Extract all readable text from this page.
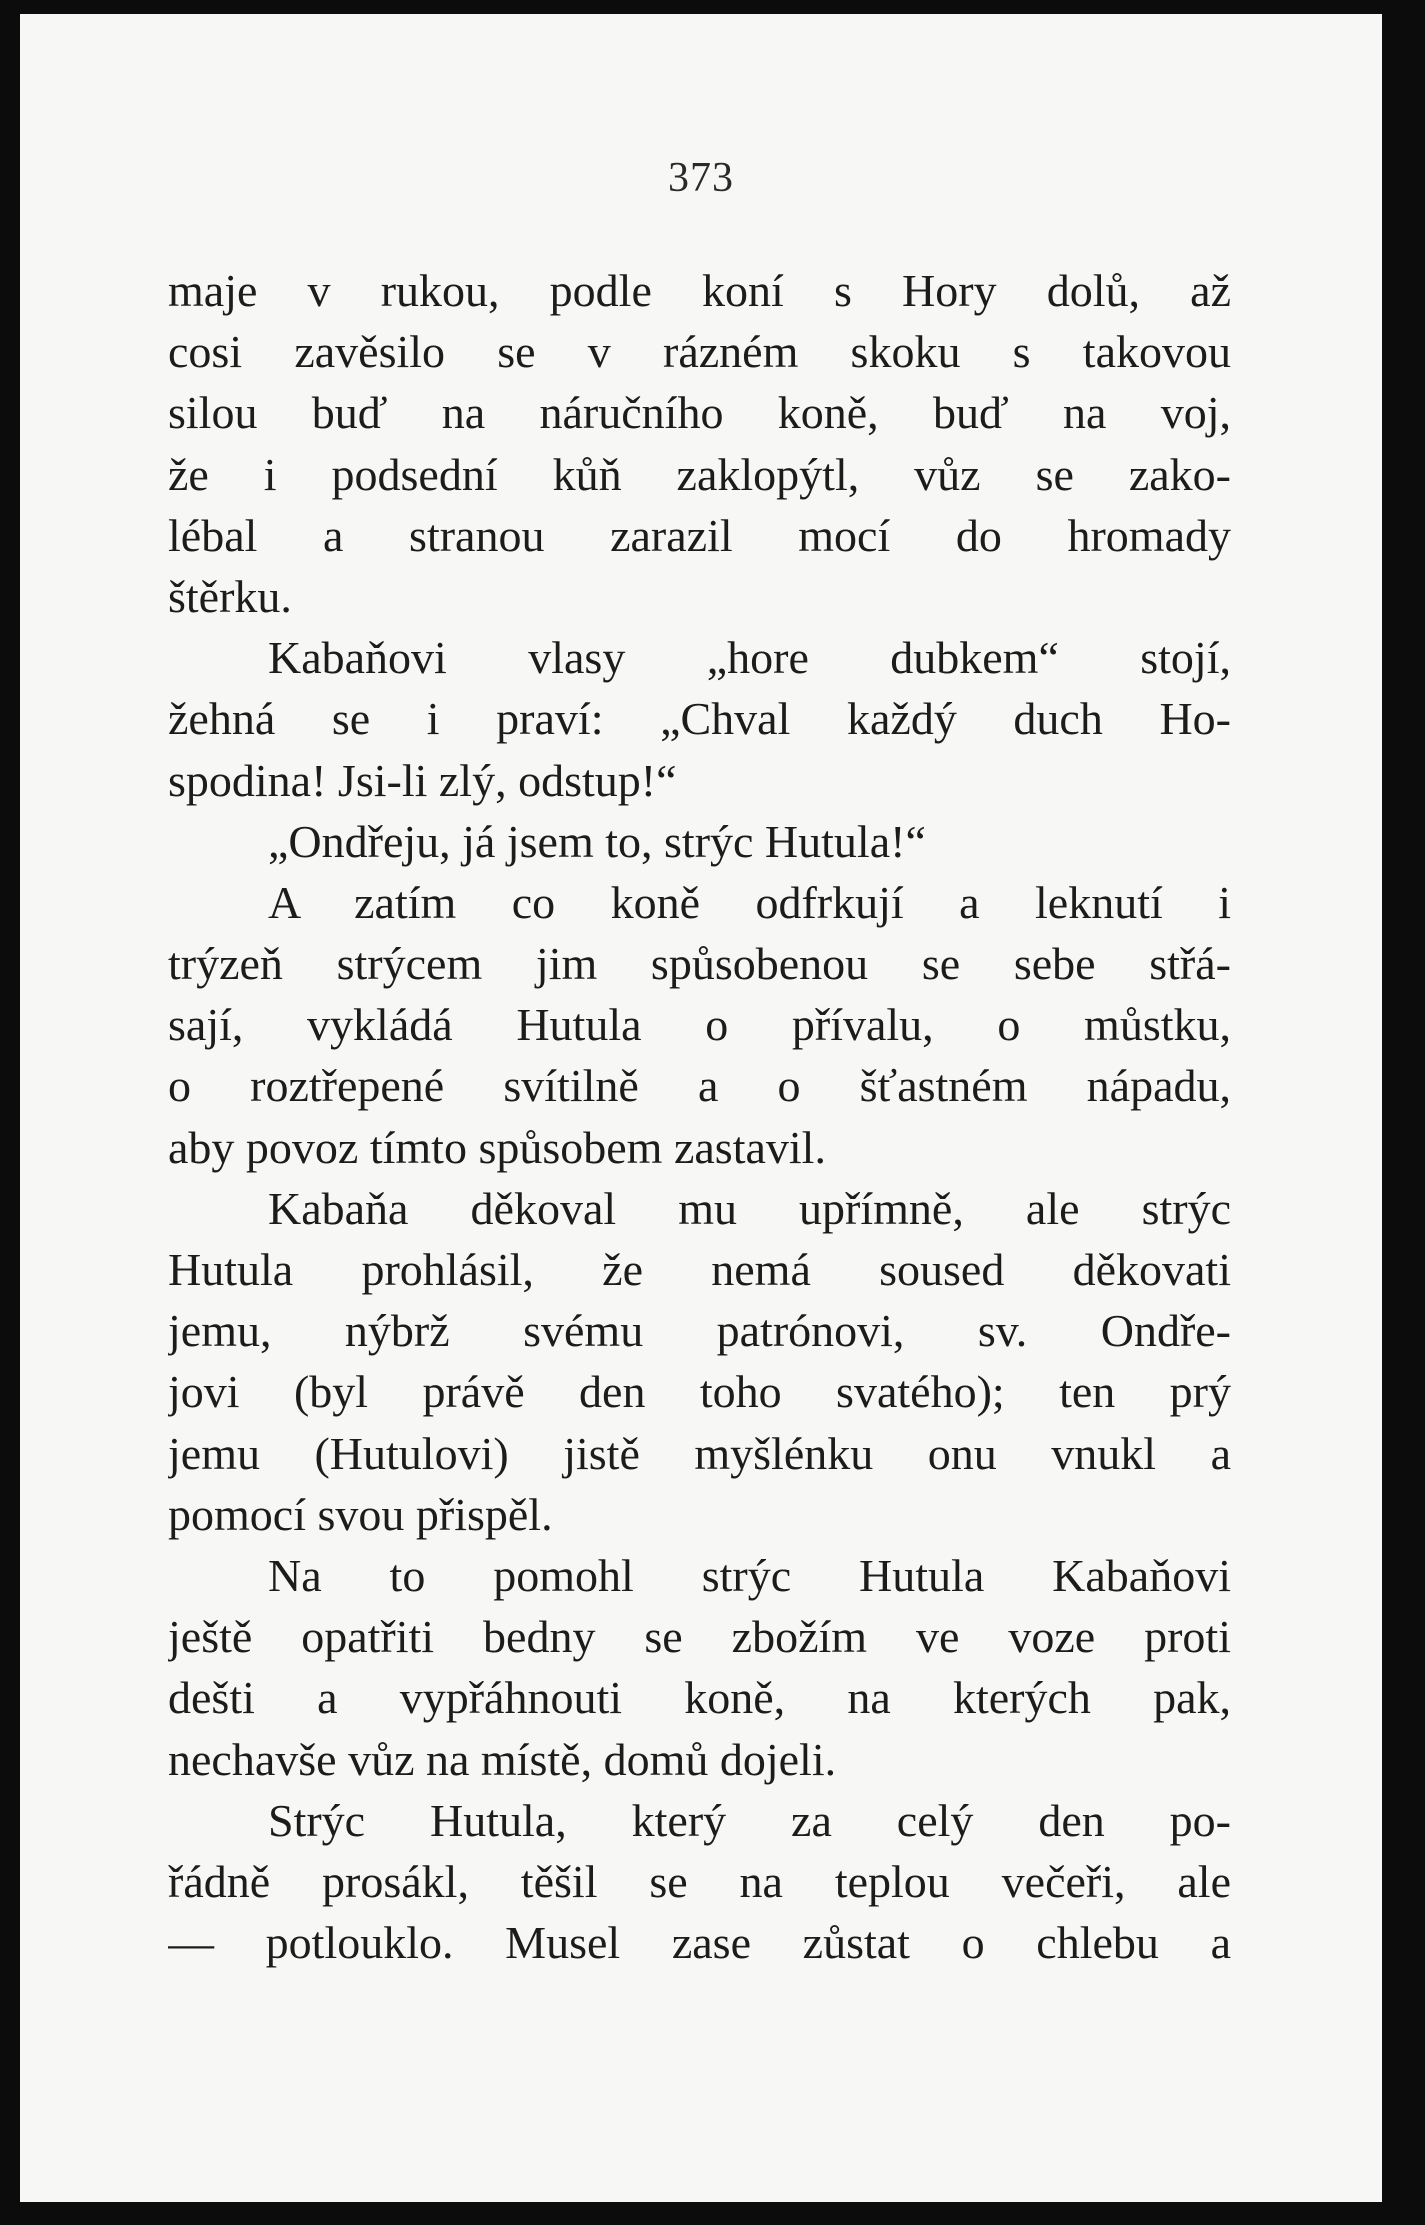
373
maje v rukou, podle koní s Hory dolů, až
cosi zavěsilo se v rázném skoku s takovou
silou buď na náručního koně, buď na voj,
že i podsední kůň zaklopýtl, vůz se zako-
lébal a stranou zarazil mocí do hromady
štěrku.
Kabaňovi vlasy „hore dubkem“ stojí,
žehná se i praví: „Chval každý duch Ho-
spodina! Jsi-li zlý, odstup!“
„Ondřeju, já jsem to, strýc Hutula!“
A zatím co koně odfrkují a leknutí i
trýzeň strýcem jim spůsobenou se sebe střá-
sají, vykládá Hutula o přívalu, o můstku,
o roztřepené svítilně a o šťastném nápadu,
aby povoz tímto spůsobem zastavil.
Kabaňa děkoval mu upřímně, ale strýc
Hutula prohlásil, že nemá soused děkovati
jemu, nýbrž svému patrónovi, sv. Ondře-
jovi (byl právě den toho svatého); ten prý
jemu (Hutulovi) jistě myšlénku onu vnukl a
pomocí svou přispěl.
Na to pomohl strýc Hutula Kabaňovi
ještě opatřiti bedny se zbožím ve voze proti
dešti a vypřáhnouti koně, na kterých pak,
nechavše vůz na místě, domů dojeli.
Strýc Hutula, který za celý den po-
řádně prosákl, těšil se na teplou večeři, ale
— potlouklo. Musel zase zůstat o chlebu a
